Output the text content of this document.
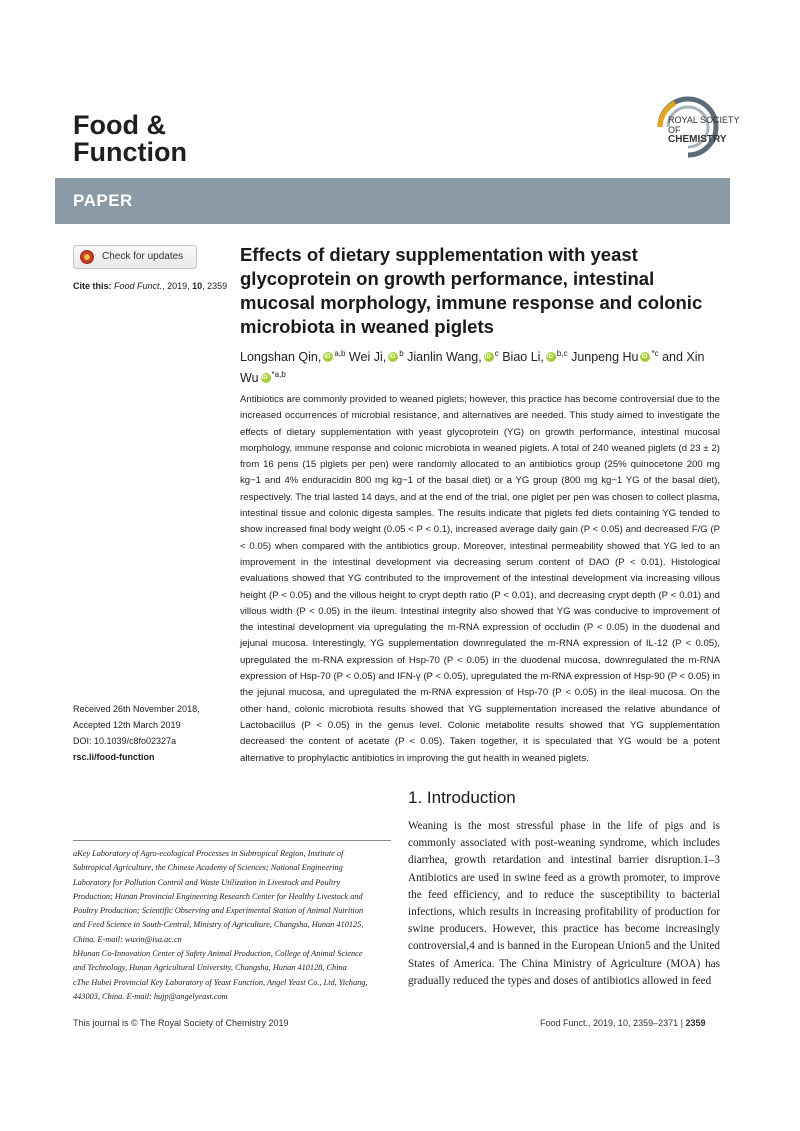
Food &
Function
ROYAL SOCIETY
OF
CHEMISTRY
PAPER
Check for updates
Cite this: Food Funct., 2019, 10, 2359
Effects of dietary supplementation with yeast glycoprotein on growth performance, intestinal mucosal morphology, immune response and colonic microbiota in weaned piglets
Longshan Qin, iD $^{a,b}$ Wei Ji, iD $^b$ Jianlin Wang, iD $^c$ Biao Li, iD $^{b,c}$ Junpeng Hu iD $^{*c}$ and Xin Wu iD $^{*a,b}$

Antibiotics are commonly provided to weaned piglets; however, this practice has become controversial due to the increased occurrences of microbial resistance, and alternatives are needed. This study aimed to investigate the effects of dietary supplementation with yeast glycoprotein (YG) on growth performance, intestinal mucosal morphology, immune response and colonic microbiota in weaned piglets. A total of 240 weaned piglets (d 23 ± 2) from 16 pens (15 piglets per pen) were randomly allocated to an antibiotics group (25% quinocetone 200 mg kg−1 and 4% enduracidin 800 mg kg−1 of the basal diet) or a YG group (800 mg kg−1 YG of the basal diet), respectively. The trial lasted 14 days, and at the end of the trial, one piglet per pen was chosen to collect plasma, intestinal tissue and colonic digesta samples. The results indicate that piglets fed diets containing YG tended to show increased final body weight (0.05 < P < 0.1), increased average daily gain (P < 0.05) and decreased F/G (P < 0.05) when compared with the antibiotics group. Moreover, intestinal permeability showed that YG led to an improvement in the intestinal development via decreasing serum content of DAO (P < 0.01). Histological evaluations showed that YG contributed to the improvement of the intestinal development via increasing villous height (P < 0.05) and the villous height to crypt depth ratio (P < 0.01), and decreasing crypt depth (P < 0.01) and villous width (P < 0.05) in the ileum. Intestinal integrity also showed that YG was conducive to improvement of the intestinal development via upregulating the m-RNA expression of occludin (P < 0.05) in the duodenal and jejunal mucosa. Interestingly, YG supplementation downregulated the m-RNA expression of IL-12 (P < 0.05), upregulated the m-RNA expression of Hsp-70 (P < 0.05) in the duodenal mucosa, downregulated the m-RNA expression of Hsp-70 (P < 0.05) and IFN-γ (P < 0.05), upregulated the m-RNA expression of Hsp-90 (P < 0.05) in the jejunal mucosa, and upregulated the m-RNA expression of Hsp-70 (P < 0.05) in the ileal mucosa. On the other hand, colonic microbiota results showed that YG supplementation increased the relative abundance of Lactobacillus (P < 0.05) in the genus level. Colonic metabolite results showed that YG supplementation decreased the content of acetate (P < 0.05). Taken together, it is speculated that YG would be a potent alternative to prophylactic antibiotics in improving the gut health in weaned piglets.

Received 26th November 2018,
Accepted 12th March 2019
DOI: 10.1039/c8fo02327a
rsc.li/food-function
1. Introduction

Weaning is the most stressful phase in the life of pigs and is commonly associated with post-weaning syndrome, which includes diarrhea, growth retardation and intestinal barrier disruption.1–3 Antibiotics are used in swine feed as a growth promoter, to improve the feed efficiency, and to reduce the susceptibility to bacterial infections, which results in increasing profitability of production for swine producers. However, this practice has become increasingly controversial,4 and is banned in the European Union5 and the United States of America. The China Ministry of Agriculture (MOA) has gradually reduced the types and doses of antibiotics allowed in feed

aKey Laboratory of Agro-ecological Processes in Subtropical Region, Institute of Subtropical Agriculture, the Chinese Academy of Sciences; National Engineering Laboratory for Pollution Control and Waste Utilization in Livestock and Poultry Production; Hunan Provincial Engineering Research Center for Healthy Livestock and Poultry Production; Scientific Observing and Experimental Station of Animal Nutrition and Feed Science in South-Central, Ministry of Agriculture, Changsha, Hunan 410125, China. E-mail: wuxin@isa.ac.cn
bHunan Co-Innovation Center of Safety Animal Production, College of Animal Science and Technology, Hunan Agricultural University, Changsha, Hunan 410128, China
cThe Hubei Provincial Key Laboratory of Yeast Function, Angel Yeast Co., Ltd, Yichang, 443003, China. E-mail: hujp@angelyeast.com
This journal is © The Royal Society of Chemistry 2019	Food Funct., 2019, 10, 2359–2371 | 2359
